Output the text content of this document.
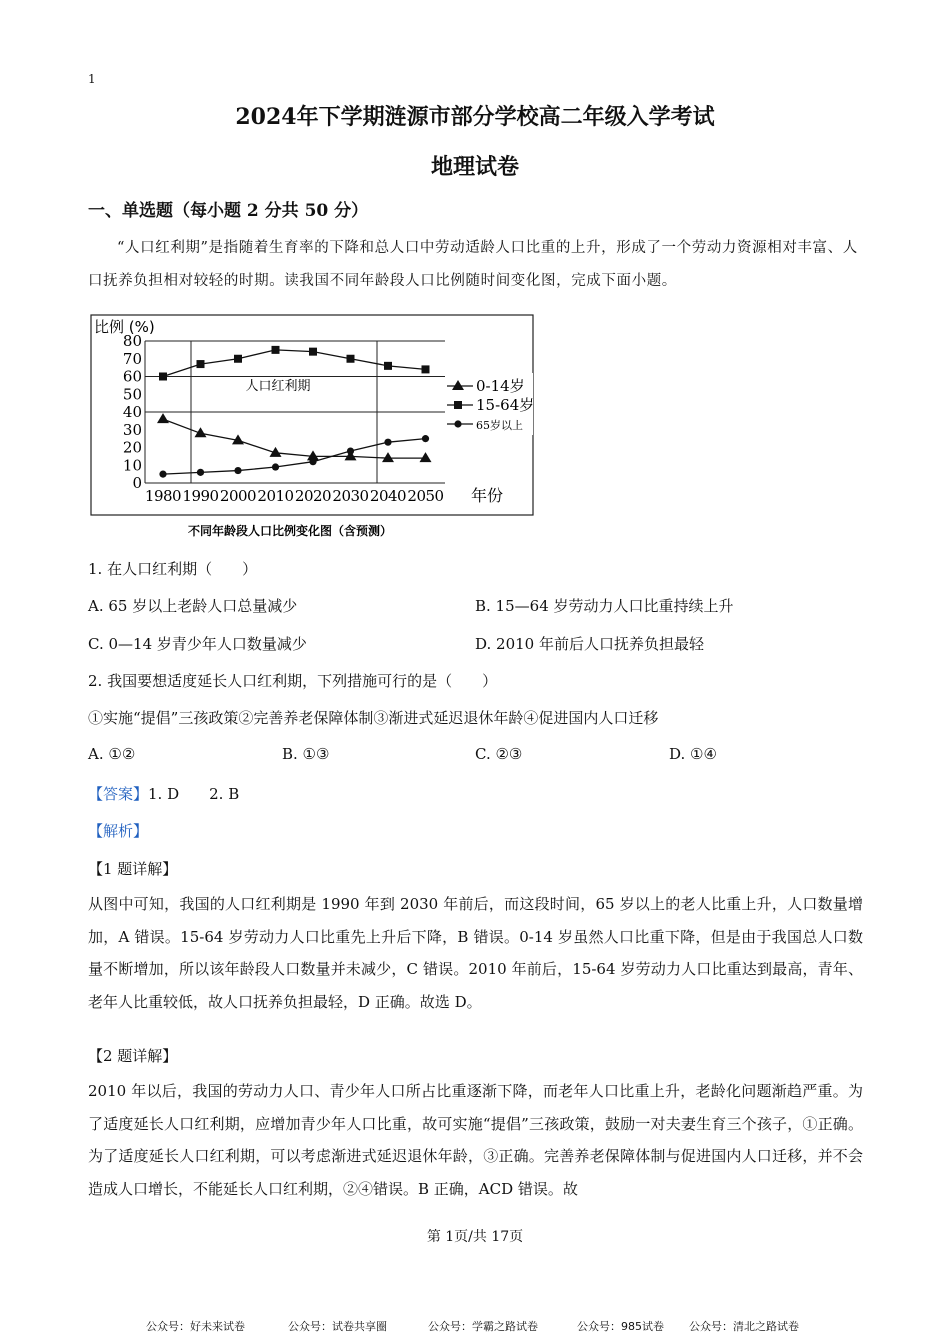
1
2024年下学期涟源市部分学校高二年级入学考试
地理试卷
一、单选题（每小题 2 分共 50 分）
“人口红利期”是指随着生育率的下降和总人口中劳动适龄人口比重的上升，形成了一个劳动力资源相对丰富、人口抚养负担相对较轻的时期。读我国不同年龄段人口比例随时间变化图，完成下面小题。
0
10
20
30
40
50
60
70
80
1980 1990 2000 2010 2020 2030 2040 2050 年份
0-14岁
15-64岁
65岁以上
比例 (%)
人口红利期
不同年龄段人口比例变化图（含预测）
1. 在人口红利期（　　）
A. 65 岁以上老龄人口总量减少	B. 15—64 岁劳动力人口比重持续上升
C. 0—14 岁青少年人口数量减少	D. 2010 年前后人口抚养负担最轻
2. 我国要想适度延长人口红利期，下列措施可行的是（　　）
①实施“提倡”三孩政策②完善养老保障体制③渐进式延迟退休年龄④促进国内人口迁移
A. ①②	B. ①③	C. ②③	D. ①④
【答案】1. D　　2. B
【解析】
【1 题详解】
从图中可知，我国的人口红利期是 1990 年到 2030 年前后，而这段时间，65 岁以上的老人比重上升，人口数量增加，A 错误。15-64 岁劳动力人口比重先上升后下降，B 错误。0-14 岁虽然人口比重下降，但是由于我国总人口数量不断增加，所以该年龄段人口数量并未减少，C 错误。2010 年前后，15-64 岁劳动力人口比重达到最高，青年、老年人比重较低，故人口抚养负担最轻，D 正确。故选 D。
【2 题详解】
2010 年以后，我国的劳动力人口、青少年人口所占比重逐渐下降，而老年人口比重上升，老龄化问题渐趋严重。为了适度延长人口红利期，应增加青少年人口比重，故可实施“提倡”三孩政策，鼓励一对夫妻生育三个孩子，①正确。为了适度延长人口红利期，可以考虑渐进式延迟退休年龄，③正确。完善养老保障体制与促进国内人口迁移，并不会造成人口增长，不能延长人口红利期，②④错误。B 正确，ACD 错误。故
第 1页/共 17页
公众号：好未来试卷	公众号：试卷共享圈	公众号：学霸之路试卷	公众号：985试卷 公众号：清北之路试卷
